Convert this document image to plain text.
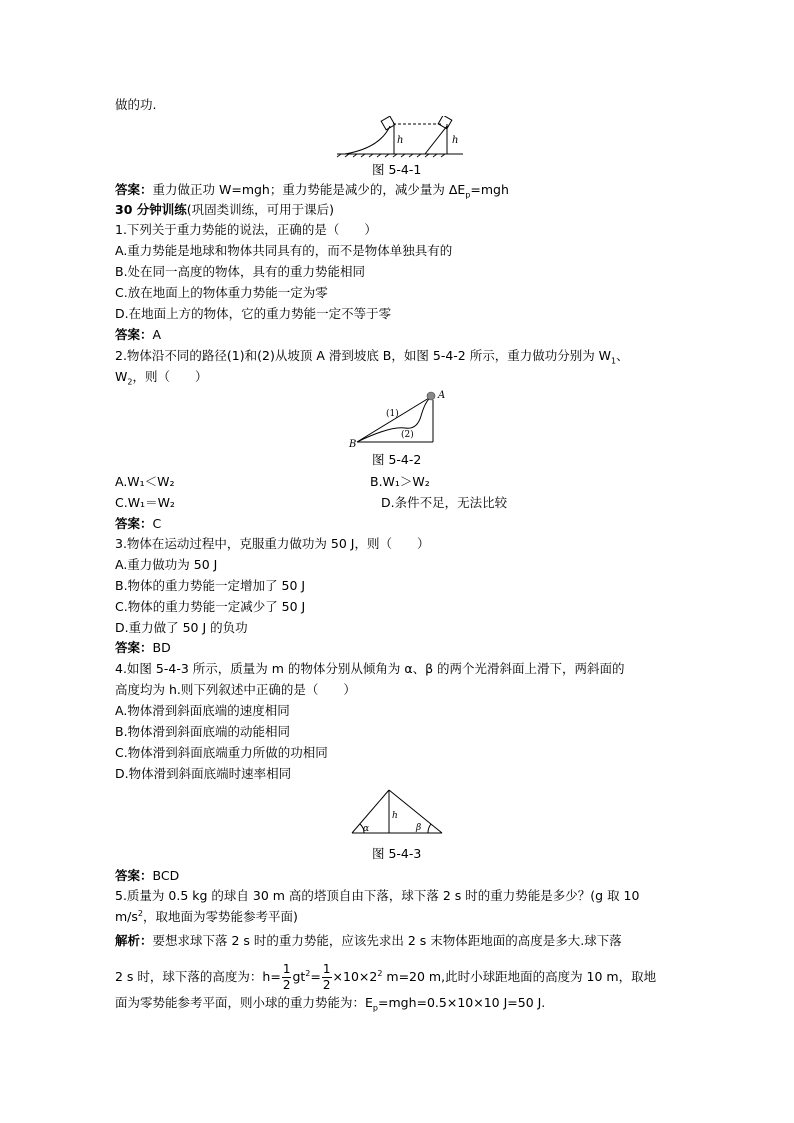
做的功.
h	h
图 5-4-1
答案：重力做正功 W=mgh；重力势能是减少的，减少量为 $\Delta E_p=mgh$
30 分钟训练(巩固类训练，可用于课后)
1.下列关于重力势能的说法，正确的是（　　）
A.重力势能是地球和物体共同具有的，而不是物体单独具有的
B.处在同一高度的物体，具有的重力势能相同
C.放在地面上的物体重力势能一定为零
D.在地面上方的物体，它的重力势能一定不等于零
答案：A
2.物体沿不同的路径(1)和(2)从坡顶 A 滑到坡底 B，如图 5-4-2 所示，重力做功分别为 $W_1$、
$W_2$，则（　　）
A
B
(1)
(2)
图 5-4-2
A.W₁＜W₂	B.W₁＞W₂
C.W₁＝W₂	D.条件不足，无法比较
答案：C
3.物体在运动过程中，克服重力做功为 50 J，则（　　）
A.重力做功为 50 J
B.物体的重力势能一定增加了 50 J
C.物体的重力势能一定减少了 50 J
D.重力做了 50 J 的负功
答案：BD
4.如图 5-4-3 所示，质量为 m 的物体分别从倾角为 α、β 的两个光滑斜面上滑下，两斜面的
高度均为 h.则下列叙述中正确的是（　　）
A.物体滑到斜面底端的速度相同
B.物体滑到斜面底端的动能相同
C.物体滑到斜面底端重力所做的功相同
D.物体滑到斜面底端时速率相同
α
h
β
图 5-4-3
答案：BCD
5.质量为 0.5 kg 的球自 30 m 高的塔顶自由下落，球下落 2 s 时的重力势能是多少？(g 取 10
$m/s^2$，取地面为零势能参考平面)
解析：要想求球下落 2 s 时的重力势能，应该先求出 2 s 末物体距地面的高度是多大.球下落
2 s 时，球下落的高度为：$h= \frac{1}{2} gt^2= \frac{1}{2} \times 10\times 2^2$ m=20 m,此时小球距地面的高度为 10 m，取地
面为零势能参考平面，则小球的重力势能为：$E_p=mgh=0.5\times 10\times 10$ J=50 J.
